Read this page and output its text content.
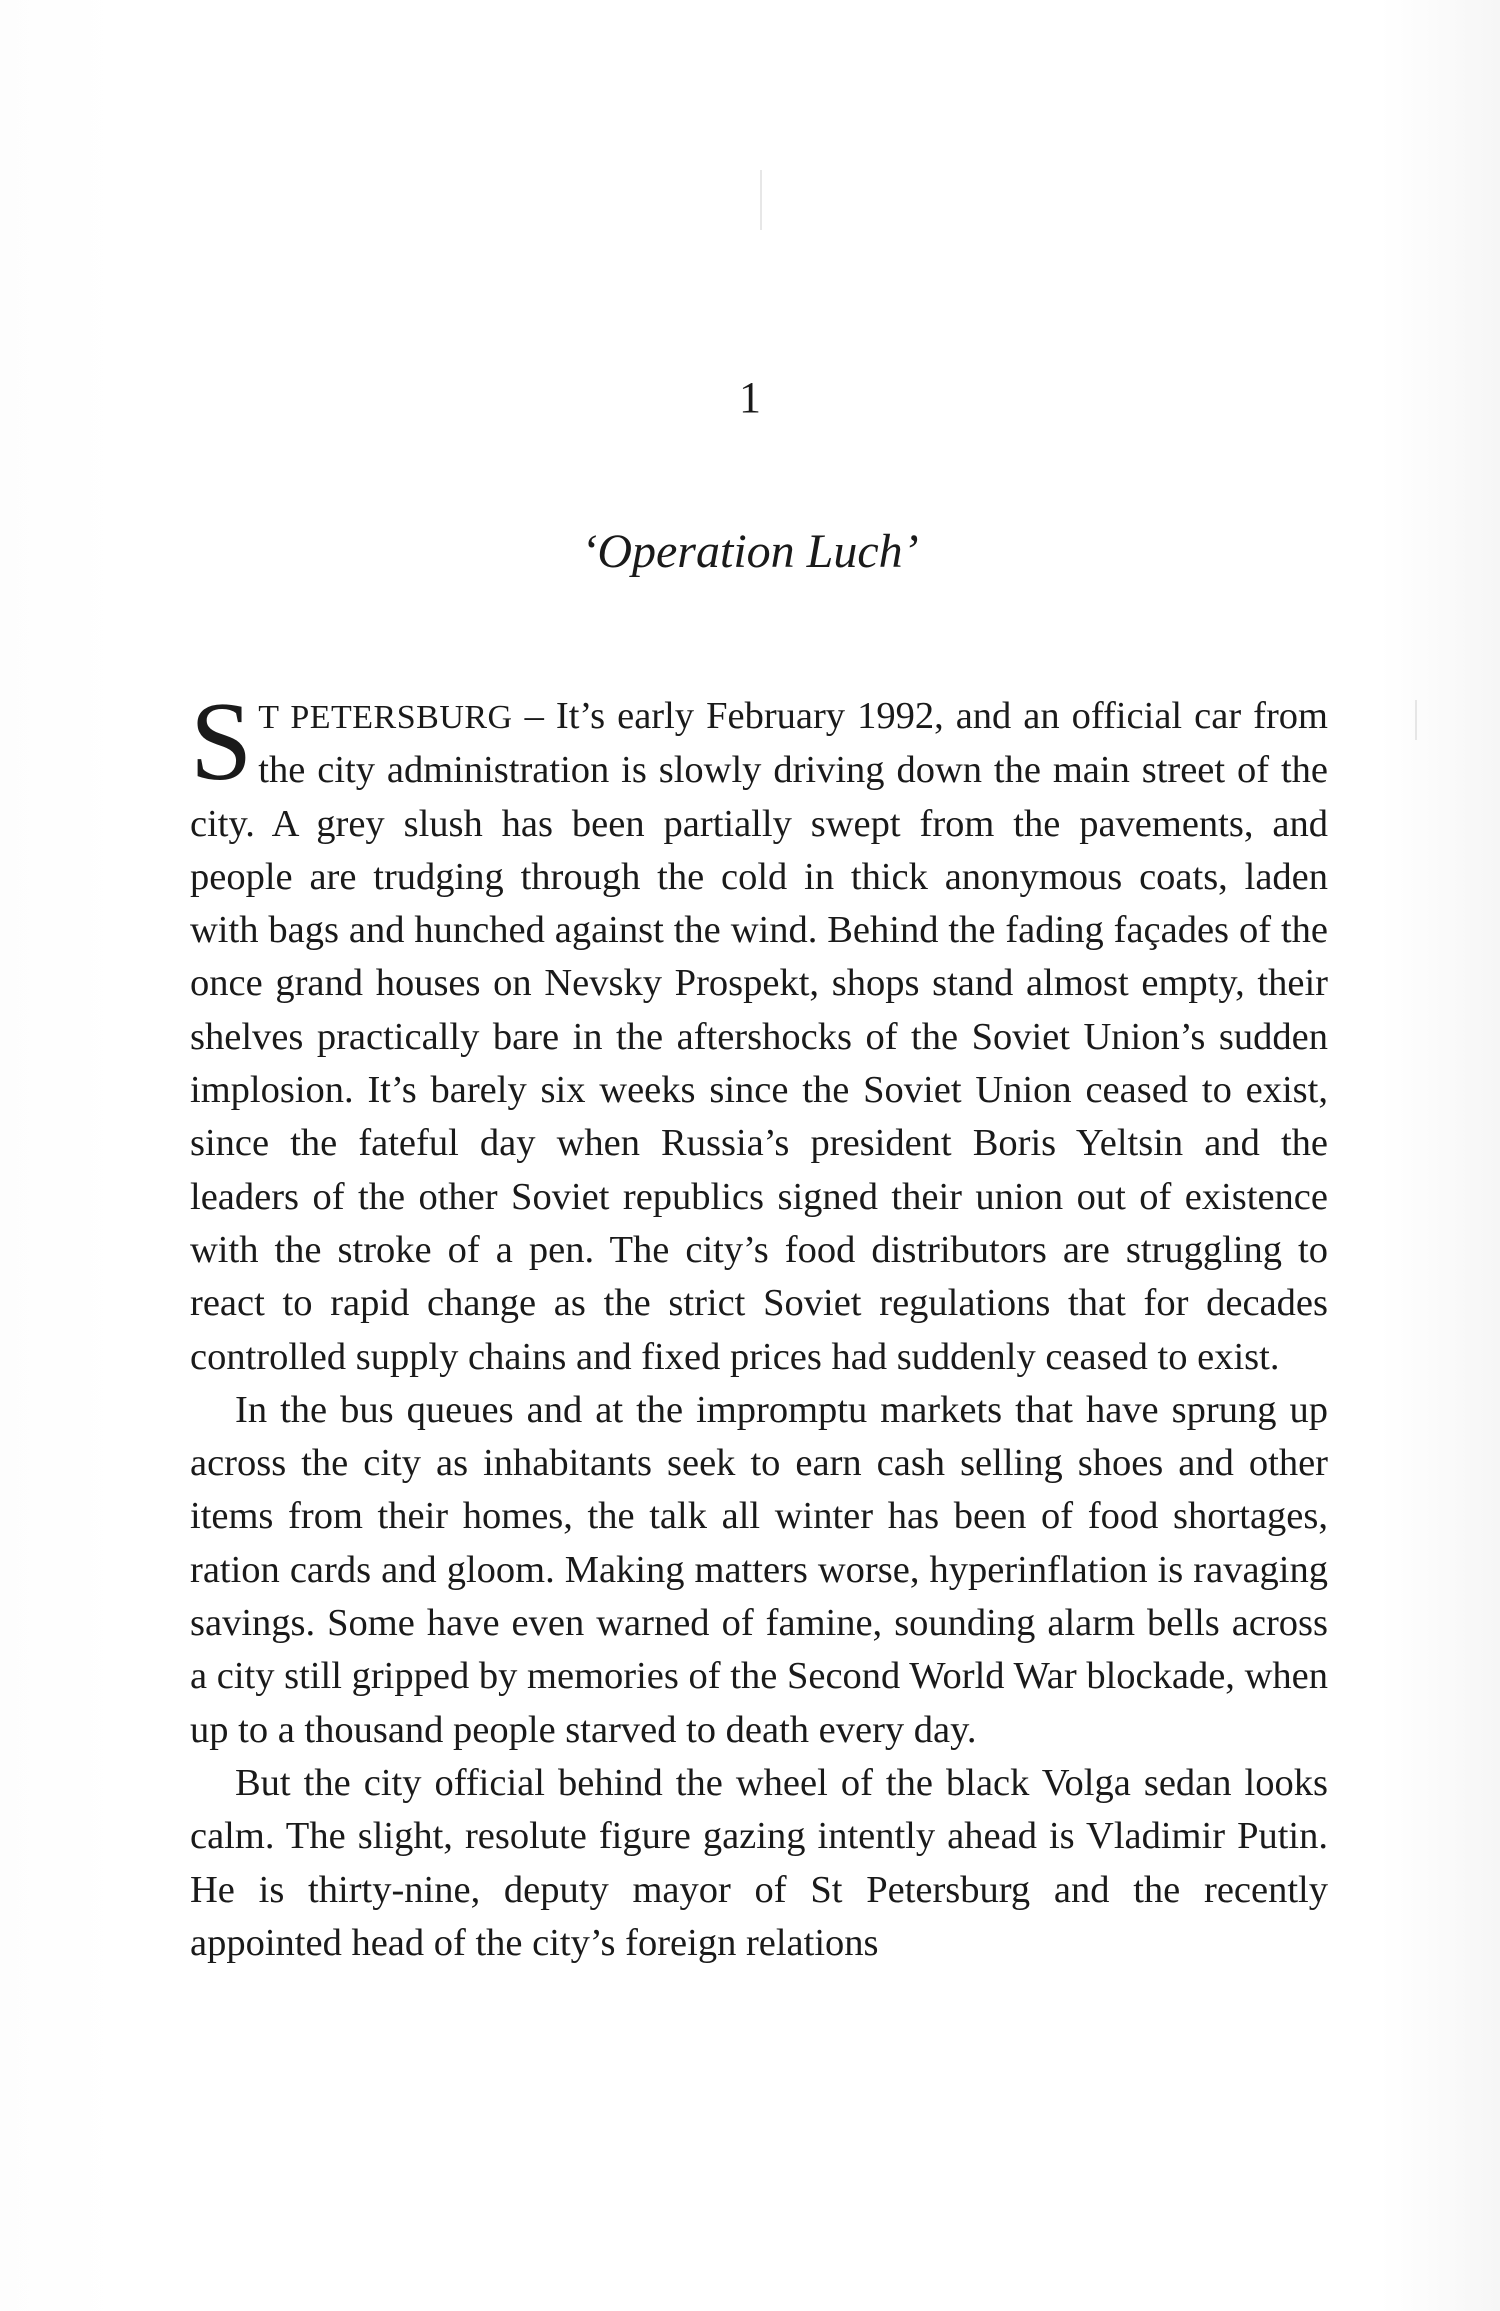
1
‘Operation Luch’

S T PETERSBURG – It’s early February 1992, and an official car from the city administration is slowly driving down the main street of the city. A grey slush has been partially swept from the pavements, and people are trudging through the cold in thick anonymous coats, laden with bags and hunched against the wind. Behind the fading façades of the once grand houses on Nevsky Prospekt, shops stand almost empty, their shelves practically bare in the aftershocks of the Soviet Union’s sudden implosion. It’s barely six weeks since the Soviet Union ceased to exist, since the fateful day when Russia’s president Boris Yeltsin and the leaders of the other Soviet republics signed their union out of existence with the stroke of a pen. The city’s food distributors are struggling to react to rapid change as the strict Soviet regulations that for decades controlled supply chains and fixed prices had suddenly ceased to exist.

In the bus queues and at the impromptu markets that have sprung up across the city as inhabitants seek to earn cash selling shoes and other items from their homes, the talk all winter has been of food shortages, ration cards and gloom. Making matters worse, hyperinflation is ravaging savings. Some have even warned of famine, sounding alarm bells across a city still gripped by memories of the Second World War blockade, when up to a thousand people starved to death every day.

But the city official behind the wheel of the black Volga sedan looks calm. The slight, resolute figure gazing intently ahead is Vladimir Putin. He is thirty-nine, deputy mayor of St Petersburg and the recently appointed head of the city’s foreign relations
